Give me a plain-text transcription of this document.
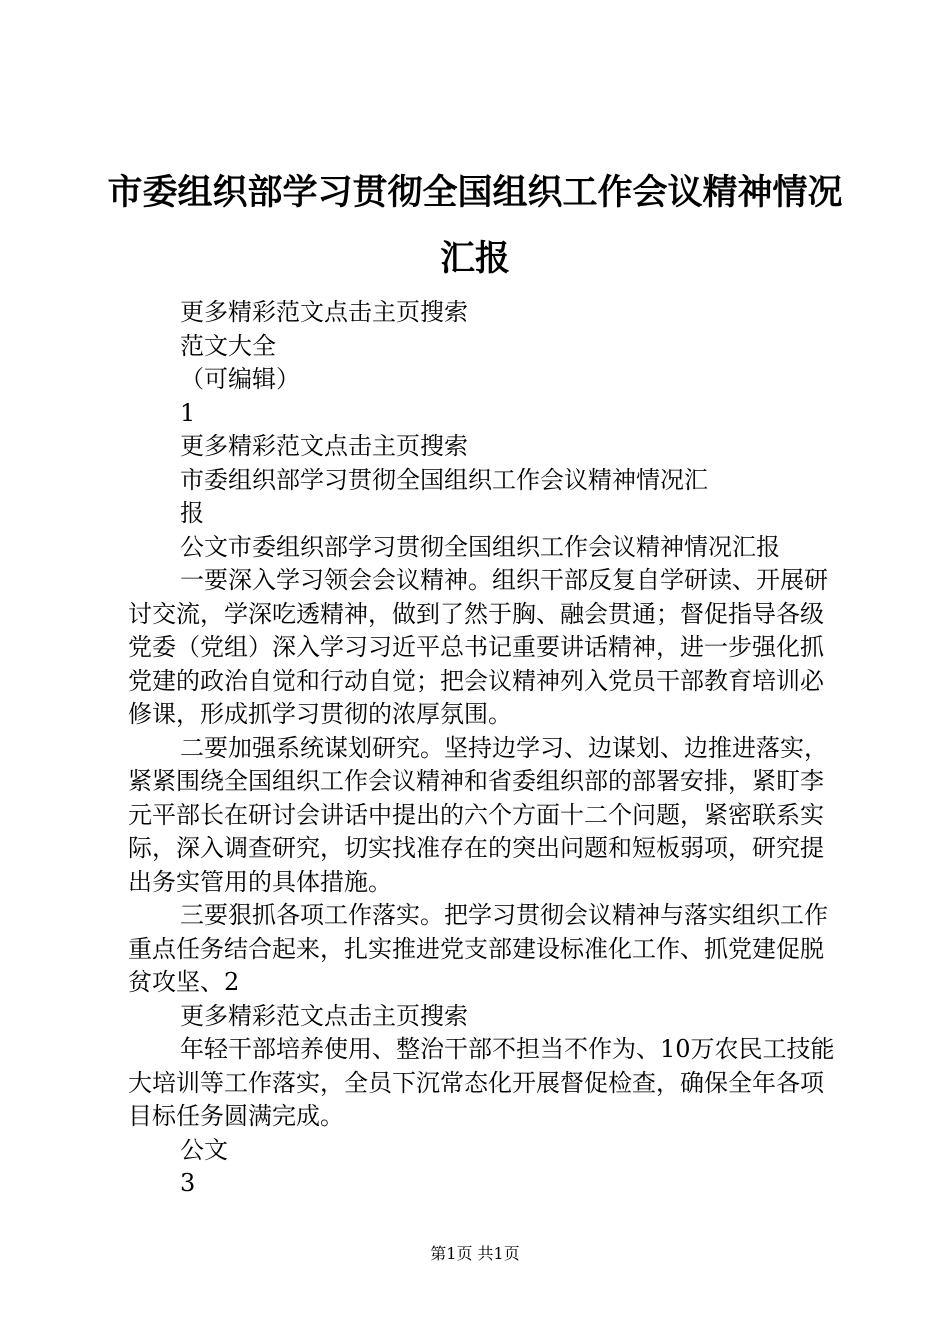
市委组织部学习贯彻全国组织工作会议精神情况汇报

更多精彩范文点击主页搜索

范文大全

（可编辑）

1

更多精彩范文点击主页搜索

市委组织部学习贯彻全国组织工作会议精神情况汇

报

公文市委组织部学习贯彻全国组织工作会议精神情况汇报

一要深入学习领会会议精神。组织干部反复自学研读、开展研讨交流，学深吃透精神，做到了然于胸、融会贯通；督促指导各级党委（党组）深入学习习近平总书记重要讲话精神，进一步强化抓党建的政治自觉和行动自觉；把会议精神列入党员干部教育培训必修课，形成抓学习贯彻的浓厚氛围。

二要加强系统谋划研究。坚持边学习、边谋划、边推进落实，紧紧围绕全国组织工作会议精神和省委组织部的部署安排，紧盯李元平部长在研讨会讲话中提出的六个方面十二个问题，紧密联系实际，深入调查研究，切实找准存在的突出问题和短板弱项，研究提出务实管用的具体措施。

三要狠抓各项工作落实。把学习贯彻会议精神与落实组织工作重点任务结合起来，扎实推进党支部建设标准化工作、抓党建促脱贫攻坚、2

更多精彩范文点击主页搜索

年轻干部培养使用、整治干部不担当不作为、10万农民工技能大培训等工作落实，全员下沉常态化开展督促检查，确保全年各项目标任务圆满完成。

公文

3

第1页 共1页
